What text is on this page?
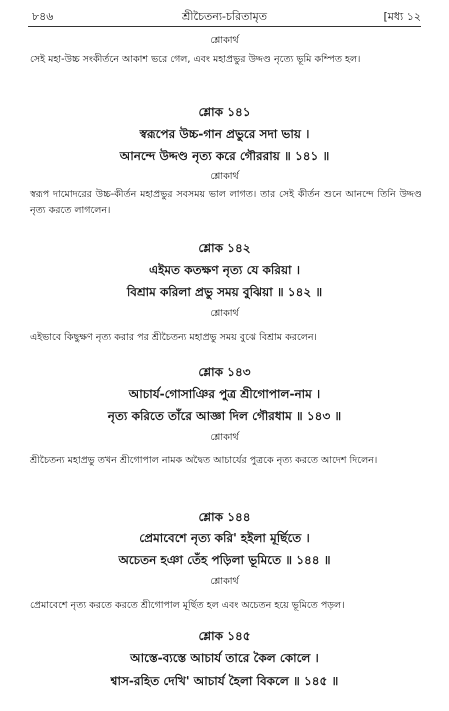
৮৪৬	শ্রীচৈতন্য-চরিতামৃত	[মধ্য ১২
শ্লোকার্থ
সেই মহা-উচ্চ সংকীর্তনে আকাশ ভরে গেল, এবং মহাপ্রভুর উদ্দণ্ড নৃত্যে ভূমি কম্পিত হল।
শ্লোক ১৪১
স্বরূপের উচ্চ-গান প্রভুরে সদা ভায় ।
আনন্দে উদ্দণ্ড নৃত্য করে গৌররায় ॥ ১৪১ ॥
শ্লোকার্থ
স্বরূপ দামোদরের উচ্চ-কীর্তন মহাপ্রভুর সবসময় ভাল লাগত। তার সেই কীর্তন শুনে আনন্দে তিনি উদ্দণ্ড নৃত্য করতে লাগলেন।
শ্লোক ১৪২
এইমত কতক্ষণ নৃত্য যে করিয়া ।
বিশ্রাম করিলা প্রভু সময় বুঝিয়া ॥ ১৪২ ॥
শ্লোকার্থ
এইভাবে কিছুক্ষণ নৃত্য করার পর শ্রীচৈতন্য মহাপ্রভু সময় বুঝে বিশ্রাম করলেন।
শ্লোক ১৪৩
আচার্য-গোসাঞির পুত্র শ্রীগোপাল-নাম ।
নৃত্য করিতে তাঁরে আজ্ঞা দিল গৌরধাম ॥ ১৪৩ ॥
শ্লোকার্থ
শ্রীচৈতন্য মহাপ্রভু তখন শ্রীগোপাল নামক অদ্বৈত আচার্যের পুত্রকে নৃত্য করতে আদেশ দিলেন।
শ্লোক ১৪৪
প্রেমাবেশে নৃত্য করি' হইলা মূর্ছিতে ।
অচেতন হঞা তেঁহ পড়িলা ভূমিতে ॥ ১৪৪ ॥
শ্লোকার্থ
প্রেমাবেশে নৃত্য করতে করতে শ্রীগোপাল মূর্ছিত হল এবং অচেতন হয়ে ভূমিতে পড়ল।
শ্লোক ১৪৫
আস্তে-ব্যস্তে আচার্য তারে কৈল কোলে ।
শ্বাস-রহিত দেখি' আচার্য হৈলা বিকলে ॥ ১৪৫ ॥
